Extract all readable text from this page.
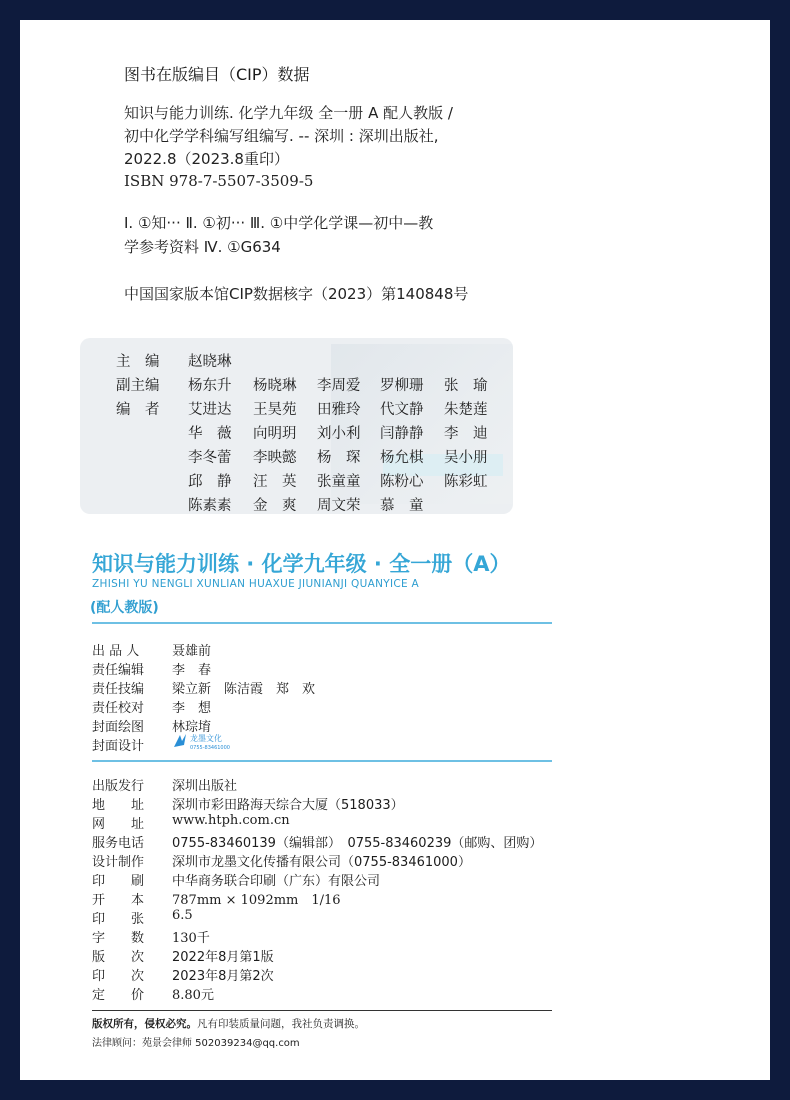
图书在版编目（CIP）数据
知识与能力训练. 化学九年级 全一册 A 配人教版 /
初中化学学科编写组编写. -- 深圳 : 深圳出版社,
2022.8（2023.8重印）
ISBN 978-7-5507-3509-5
Ⅰ. ①知··· Ⅱ. ①初··· Ⅲ. ①中学化学课—初中—教
学参考资料 Ⅳ. ①G634
中国国家版本馆CIP数据核字（2023）第140848号
主　编 赵晓琳
副主编 杨东升 杨晓琳 李周爱 罗柳珊 张　瑜
编　者 艾进达 王昊苑 田雅玲 代文静 朱楚莲
华　薇 向明玥 刘小利 闫静静 李　迪
李冬蕾 李映懿 杨　琛 杨允棋 吴小朋
邱　静 汪　英 张童童 陈粉心 陈彩虹
陈素素 金　爽 周文荣 慕　童
知识与能力训练 · 化学九年级 · 全一册（A）
ZHISHI YU NENGLI XUNLIAN HUAXUE JIUNIANJI QUANYICE A
(配人教版)
出 品 人	聂雄前
责任编辑 李　春
责任技编 梁立新　陈洁霞　郑　欢
责任校对 李　想
封面绘图 林琮堉
封面设计
龙墨文化
0755-83461000
出版发行 深圳出版社
地　　址 深圳市彩田路海天综合大厦（518033）
网　　址 www.htph.com.cn
服务电话 0755-83460139（编辑部）　0755-83460239（邮购、团购）
设计制作 深圳市龙墨文化传播有限公司（0755-83461000）
印　　刷 中华商务联合印刷（广东）有限公司
开　　本 787mm × 1092mm　1/16
印　　张 6.5
字　　数 130千
版　　次 2022年8月第1版
印　　次 2023年8月第2次
定　　价 8.80元
版权所有，侵权必究。凡有印装质量问题，我社负责调换。
法律顾问：苑景会律师 502039234@qq.com
